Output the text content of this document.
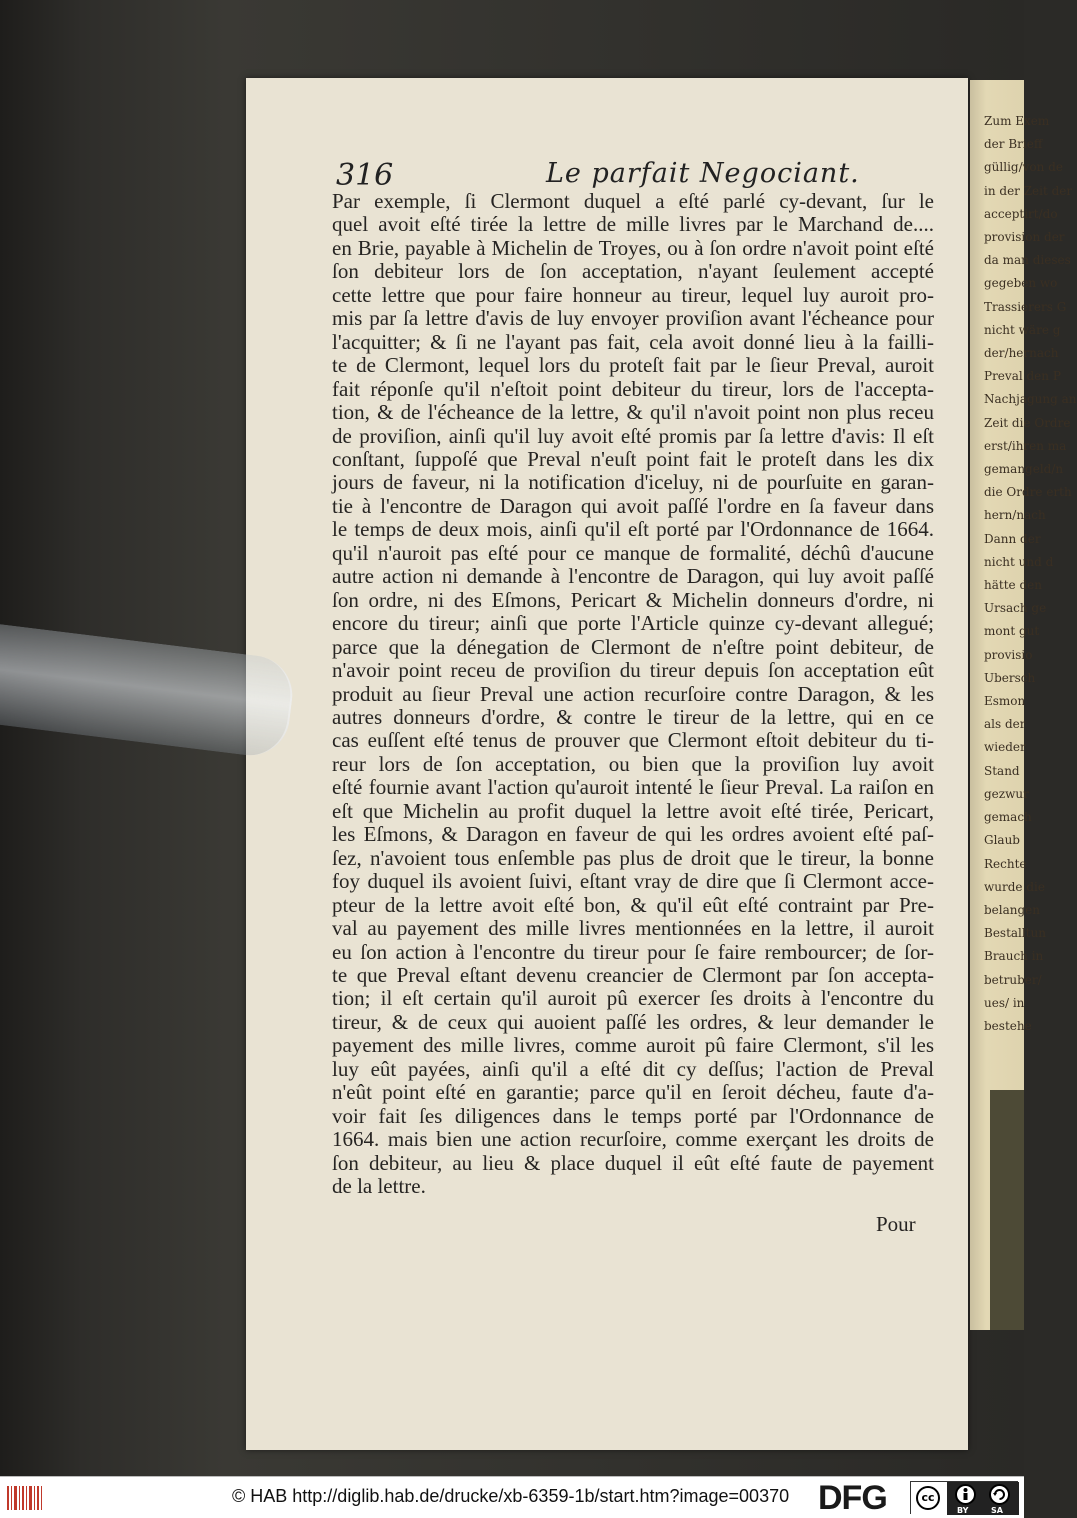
316	Le parfait Negociant.
Par exemple, ſi Clermont duquel a eſté parlé cy-devant, ſur le
quel avoit eſté tirée la lettre de mille livres par le Marchand de....
en Brie, payable à Michelin de Troyes, ou à ſon ordre n'avoit point eſté
ſon debiteur lors de ſon acceptation, n'ayant ſeulement accepté
cette lettre que pour faire honneur au tireur, lequel luy auroit pro-
mis par ſa lettre d'avis de luy envoyer proviſion avant l'écheance pour
l'acquitter; & ſi ne l'ayant pas fait, cela avoit donné lieu à la failli-
te de Clermont, lequel lors du proteſt fait par le ſieur Preval, auroit
fait réponſe qu'il n'eſtoit point debiteur du tireur, lors de l'accepta-
tion, & de l'écheance de la lettre, & qu'il n'avoit point non plus receu
de proviſion, ainſi qu'il luy avoit eſté promis par ſa lettre d'avis: Il eſt
conſtant, ſuppoſé que Preval n'euſt point fait le proteſt dans les dix
jours de faveur, ni la notification d'iceluy, ni de pourſuite en garan-
tie à l'encontre de Daragon qui avoit paſſé l'ordre en ſa faveur dans
le temps de deux mois, ainſi qu'il eſt porté par l'Ordonnance de 1664.
qu'il n'auroit pas eſté pour ce manque de formalité, déchû d'aucune
autre action ni demande à l'encontre de Daragon, qui luy avoit paſſé
ſon ordre, ni des Eſmons, Pericart & Michelin donneurs d'ordre, ni
encore du tireur; ainſi que porte l'Article quinze cy-devant allegué;
parce que la dénegation de Clermont de n'eſtre point debiteur, de
n'avoir point receu de proviſion du tireur depuis ſon acceptation eût
produit au ſieur Preval une action recurſoire contre Daragon, & les
autres donneurs d'ordre, & contre le tireur de la lettre, qui en ce
cas euſſent eſté tenus de prouver que Clermont eſtoit debiteur du ti-
reur lors de ſon acceptation, ou bien que la proviſion luy avoit
eſté fournie avant l'action qu'auroit intenté le ſieur Preval. La raiſon en
eſt que Michelin au profit duquel la lettre avoit eſté tirée, Pericart,
les Eſmons, & Daragon en faveur de qui les ordres avoient eſté paſ-
ſez, n'avoient tous enſemble pas plus de droit que le tireur, la bonne
foy duquel ils avoient ſuivi, eſtant vray de dire que ſi Clermont acce-
pteur de la lettre avoit eſté bon, & qu'il eût eſté contraint par Pre-
val au payement des mille livres mentionnées en la lettre, il auroit
eu ſon action à l'encontre du tireur pour ſe faire rembourcer; de ſor-
te que Preval eſtant devenu creancier de Clermont par ſon accepta-
tion; il eſt certain qu'il auroit pû exercer ſes droits à l'encontre du
tireur, & de ceux qui auoient paſſé les ordres, & leur demander le
payement des mille livres, comme auroit pû faire Clermont, s'il les
luy eût payées, ainſi qu'il a eſté dit cy deſſus; l'action de Preval
n'eût point eſté en garantie; parce qu'il en ſeroit décheu, faute d'a-
voir fait ſes diligences dans le temps porté par l'Ordonnance de
1664. mais bien une action recurſoire, comme exerçant les droits de
ſon debiteur, au lieu & place duquel il eût eſté faute de payement
de la lettre.
Pour
Zum Exem
der Brieff
güllig/von de
in der Zeit der
acceptirt/do
provision der
da man dieses
gegeben wo
Trassierers G
nicht wäre g
der/hernach
Preval den P
Nachjagung an
Zeit die Ordre
erst/ihren ma
gemangeld/n
die Ordre erth
hern/nach
Dann der
nicht und d
hätte den
Ursach ge
mont gut
provisio
Ubersch
Esmon
als der
wieder
Stand
gezwur
gemach
Glaub
Rechte
wurde die
belangen
Bestalltun
Brauch in
betruber/
ues/ in
bestehe
© HAB http://diglib.hab.de/drucke/xb-6359-1b/start.htm?image=00370 DFG	cc
BY	SA
